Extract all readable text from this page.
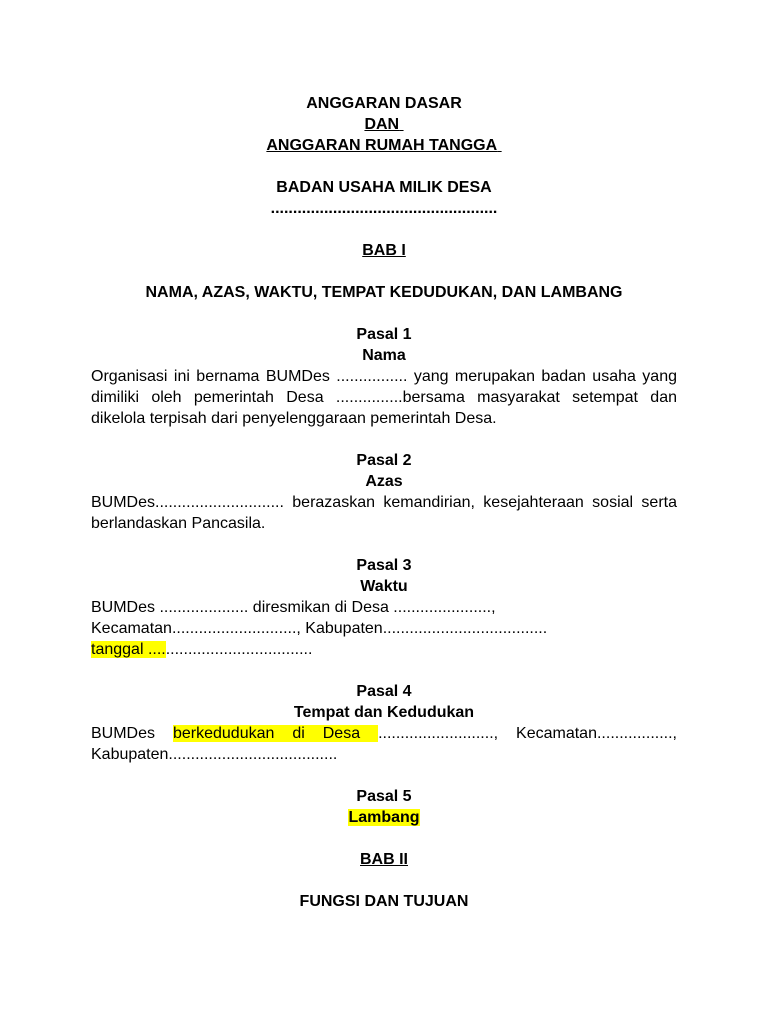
ANGGARAN DASAR

DAN

ANGGARAN RUMAH TANGGA

BADAN USAHA MILIK DESA

...................................................

BAB I

NAMA, AZAS, WAKTU, TEMPAT KEDUDUKAN, DAN LAMBANG

Pasal 1

Nama

Organisasi ini bernama BUMDes ................ yang merupakan badan usaha yang dimiliki oleh pemerintah Desa ...............bersama masyarakat setempat dan dikelola terpisah dari penyelenggaraan pemerintah Desa.

Pasal 2

Azas

BUMDes............................. berazaskan kemandirian, kesejahteraan sosial serta berlandaskan Pancasila.

Pasal 3

Waktu

BUMDes .................... diresmikan di Desa ......................,

Kecamatan............................, Kabupaten.....................................

tanggal .....................................

Pasal 4

Tempat dan Kedudukan

BUMDes berkedudukan di Desa .........................., Kecamatan.................,

Kabupaten......................................

Pasal 5

Lambang

BAB II

FUNGSI DAN TUJUAN
